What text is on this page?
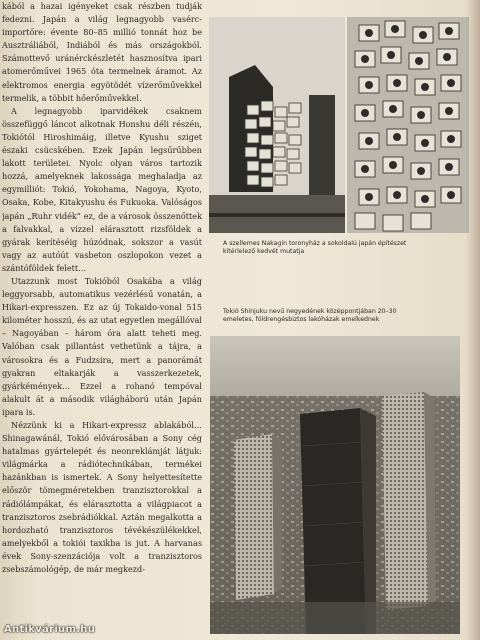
kából a hazai igényeket csak részben tudják fedezni. Japán a világ legnagyobb vasérc-importőre: évente 80–85 millió tonnát hoz be Ausztráliából, Indiából és más országokból. Számottevő uránérckészletét hasznosítva ipari atomerőművei 1965 óta termelnek áramot. Az elektromos energia egyötödét vízerőművekkel termelik, a többit hőerőművekkel.

A legnagyobb iparvidékek csaknem összefüggő láncot alkotnak Honshu déli részén, Tokiótól Hiroshimáig, illetve Kyushu sziget északi csücskében. Ezek Japán legsűrűbben lakott területei. Nyolc olyan város tartozik hozzá, amelyeknek lakossága meghaladja az egymilliót: Tokió, Yokohama, Nagoya, Kyoto, Osaka, Kobe, Kitakyushu és Fukuoka. Valóságos japán „Ruhr vidék” ez, de a városok összenőttek a falvakkal, a vízzel elárasztott rizsföldek a gyárak kerítéséig húzódnak, sokszor a vasút vagy az autóút vasbeton oszlopokon vezet a szántóföldek felett…

Utazzunk most Tokióból Osakába a világ leggyorsabb, automatikus vezérlésű vonatán, a Hikari-expresszen. Ez az új Tokaido-vonal 515 kilométer hosszú, és az utat egyetlen megállóval – Nagoyában – három óra alatt teheti meg. Valóban csak pillantást vethetünk a tájra, a városokra és a Fudzsira, mert a panorámát gyakran eltakarják a vasszerkezetek, gyárkémények… Ezzel a rohanó tempóval alakult át a második világháború után Japán ipara is.

Nézzünk ki a Hikari-expressz ablakából… Shinagawánál, Tokió elővárosában a Sony cég hatalmas gyártelepét és neonreklámját látjuk: világmárka a rádiótechnikában, termékei hazánkban is ismertek. A Sony helyettesítette először tömegméretekben tranzisztorokkal a rádiólámpákat, és elárasztotta a világpiacot a tranzisztoros zsebrádiókkal. Aztán megalkotta a hordozható tranzisztoros tévékészülékekkel, amelyekből a tokiói taxikba is jut. A harvanas évek Sony-szenzációja volt a tranzisztoros zsebszámológép, de már megkezd-

A szellemes Nakagin toronyház a sokoldalú japán építészet kitérlelező kedvét mutatja
Tokió Shinjuku nevű negyedének középpontjában 20–30 emeletes, földrengésbiztos lakóházak emelkednek
Antikvárium.hu
